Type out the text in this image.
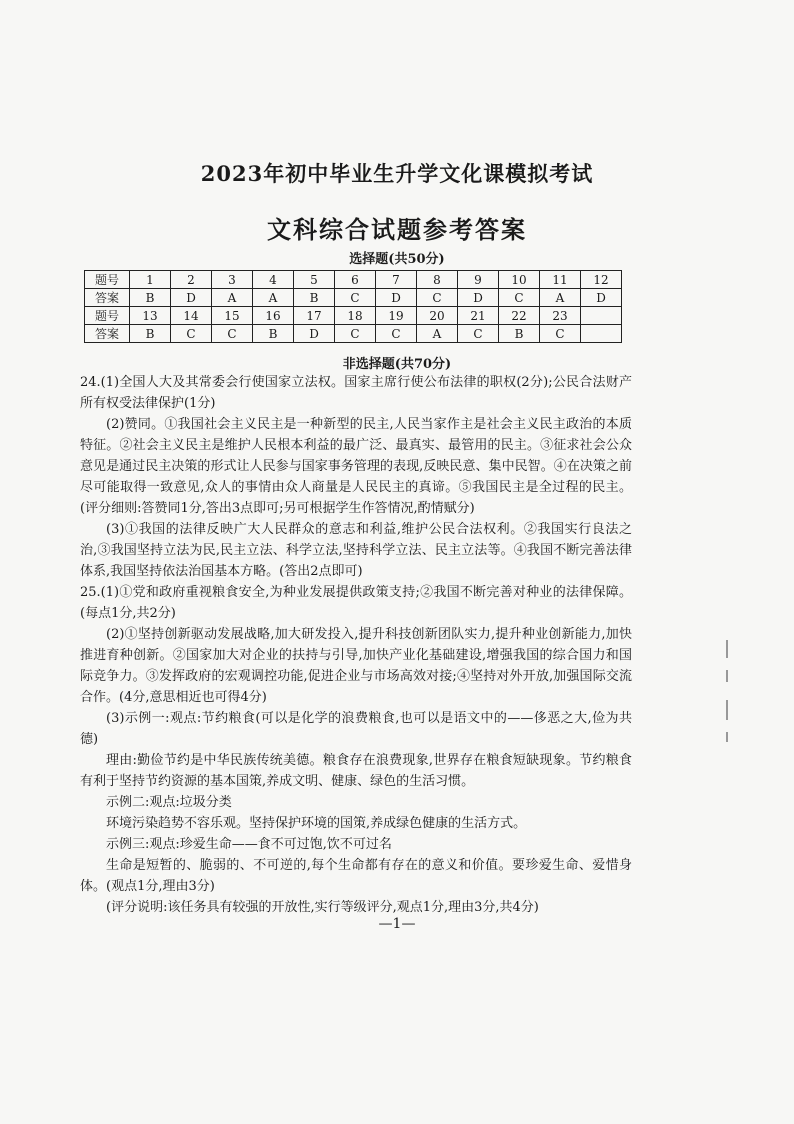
2023年初中毕业生升学文化课模拟考试
文科综合试题参考答案
选择题(共50分)
题号	1	2	3	4	5	6	7	8	9	10	11	12
答案	B	D	A	A	B	C	D	C	D	C	A	D
题号	13	14	15	16	17	18	19	20	21	22	23	
答案	B	C	C	B	D	C	C	A	C	B	C	
非选择题(共70分)

24.(1)全国人大及其常委会行使国家立法权。国家主席行使公布法律的职权(2分);公民合法财产所有权受法律保护(1分)

(2)赞同。①我国社会主义民主是一种新型的民主,人民当家作主是社会主义民主政治的本质特征。②社会主义民主是维护人民根本利益的最广泛、最真实、最管用的民主。③征求社会公众意见是通过民主决策的形式让人民参与国家事务管理的表现,反映民意、集中民智。④在决策之前尽可能取得一致意见,众人的事情由众人商量是人民民主的真谛。⑤我国民主是全过程的民主。(评分细则:答赞同1分,答出3点即可;另可根据学生作答情况,酌情赋分)

(3)①我国的法律反映广大人民群众的意志和利益,维护公民合法权利。②我国实行良法之治,③我国坚持立法为民,民主立法、科学立法,坚持科学立法、民主立法等。④我国不断完善法律体系,我国坚持依法治国基本方略。(答出2点即可)

25.(1)①党和政府重视粮食安全,为种业发展提供政策支持;②我国不断完善对种业的法律保障。(每点1分,共2分)

(2)①坚持创新驱动发展战略,加大研发投入,提升科技创新团队实力,提升种业创新能力,加快推进育种创新。②国家加大对企业的扶持与引导,加快产业化基础建设,增强我国的综合国力和国际竞争力。③发挥政府的宏观调控功能,促进企业与市场高效对接;④坚持对外开放,加强国际交流合作。(4分,意思相近也可得4分)

(3)示例一:观点:节约粮食(可以是化学的浪费粮食,也可以是语文中的——侈恶之大,俭为共德)

理由:勤俭节约是中华民族传统美德。粮食存在浪费现象,世界存在粮食短缺现象。节约粮食有利于坚持节约资源的基本国策,养成文明、健康、绿色的生活习惯。

示例二:观点:垃圾分类

环境污染趋势不容乐观。坚持保护环境的国策,养成绿色健康的生活方式。

示例三:观点:珍爱生命——食不可过饱,饮不可过名

生命是短暂的、脆弱的、不可逆的,每个生命都有存在的意义和价值。要珍爱生命、爱惜身体。(观点1分,理由3分)

(评分说明:该任务具有较强的开放性,实行等级评分,观点1分,理由3分,共4分)

—1—
